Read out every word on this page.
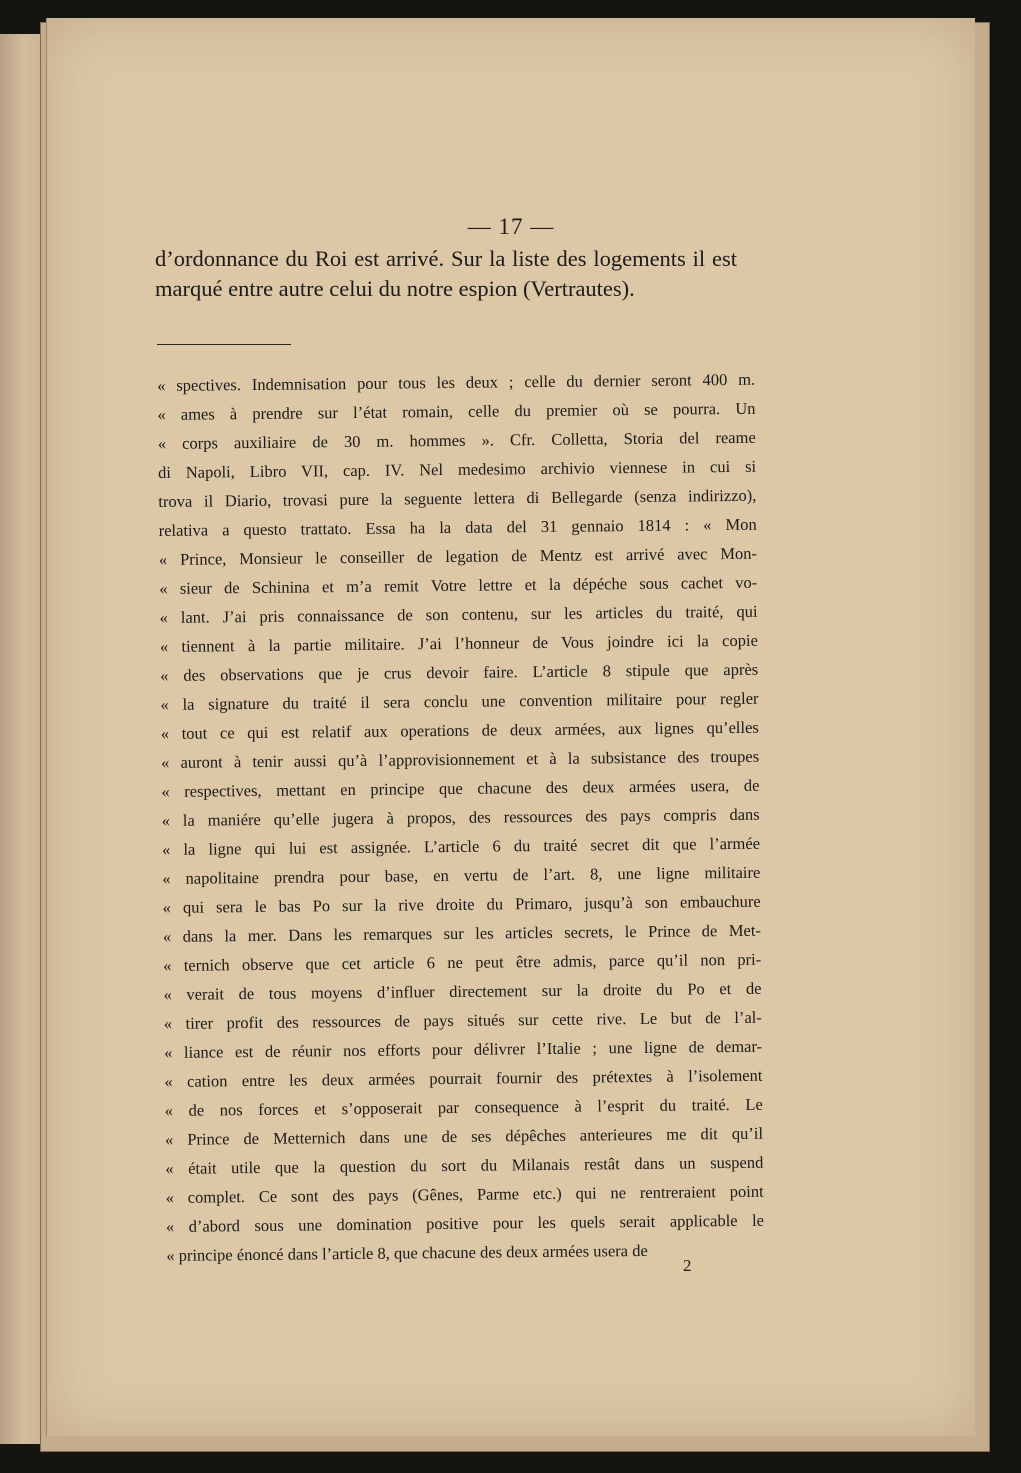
— 17 —

d’ordonnance du Roi est arrivé. Sur la liste des logements il est marqué entre autre celui du notre espion (Vertrautes).

« spectives. Indemnisation pour tous les deux ; celle du dernier seront 400 m.
« ames à prendre sur l’état romain, celle du premier où se pourra. Un
« corps auxiliaire de 30 m. hommes ». Cfr. Colletta, Storia del reame
di Napoli, Libro VII, cap. IV. Nel medesimo archivio viennese in cui si
trova il Diario, trovasi pure la seguente lettera di Bellegarde (senza indirizzo),
relativa a questo trattato. Essa ha la data del 31 gennaio 1814 : « Mon
« Prince, Monsieur le conseiller de legation de Mentz est arrivé avec Mon-
« sieur de Schinina et m’a remit Votre lettre et la dépéche sous cachet vo-
« lant. J’ai pris connaissance de son contenu, sur les articles du traité, qui
« tiennent à la partie militaire. J’ai l’honneur de Vous joindre ici la copie
« des observations que je crus devoir faire. L’article 8 stipule que après
« la signature du traité il sera conclu une convention militaire pour regler
« tout ce qui est relatif aux operations de deux armées, aux lignes qu’elles
« auront à tenir aussi qu’à l’approvisionnement et à la subsistance des troupes
« respectives, mettant en principe que chacune des deux armées usera, de
« la maniére qu’elle jugera à propos, des ressources des pays compris dans
« la ligne qui lui est assignée. L’article 6 du traité secret dit que l’armée
« napolitaine prendra pour base, en vertu de l’art. 8, une ligne militaire
« qui sera le bas Po sur la rive droite du Primaro, jusqu’à son embauchure
« dans la mer. Dans les remarques sur les articles secrets, le Prince de Met-
« ternich observe que cet article 6 ne peut être admis, parce qu’il non pri-
« verait de tous moyens d’influer directement sur la droite du Po et de
« tirer profit des ressources de pays situés sur cette rive. Le but de l’al-
« liance est de réunir nos efforts pour délivrer l’Italie ; une ligne de demar-
« cation entre les deux armées pourrait fournir des prétextes à l’isolement
« de nos forces et s’opposerait par consequence à l’esprit du traité. Le
« Prince de Metternich dans une de ses dépêches anterieures me dit qu’il
« était utile que la question du sort du Milanais restât dans un suspend
« complet. Ce sont des pays (Gênes, Parme etc.) qui ne rentreraient point
« d’abord sous une domination positive pour les quels serait applicable le
« principe énoncé dans l’article 8, que chacune des deux armées usera de
2
